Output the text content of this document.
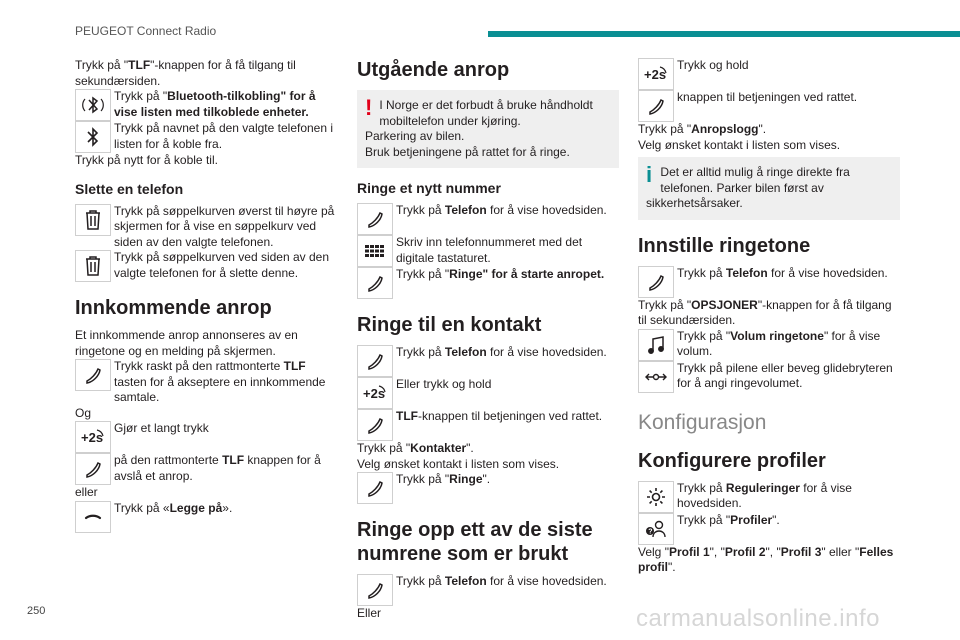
PEUGEOT Connect Radio

Trykk på "TLF"-knappen for å få tilgang til sekundærsiden.

Trykk på "Bluetooth-tilkobling" for å vise listen med tilkoblede enheter.
Trykk på navnet på den valgte telefonen i listen for å koble fra.

Trykk på nytt for å koble til.

Slette en telefon
Trykk på søppelkurven øverst til høyre på skjermen for å vise en søppelkurv ved siden av den valgte telefonen.
Trykk på søppelkurven ved siden av den valgte telefonen for å slette denne.
Innkommende anrop

Et innkommende anrop annonseres av en ringetone og en melding på skjermen.

Trykk raskt på den rattmonterte TLF tasten for å akseptere en innkommende samtale.

Og

+2s
Gjør et langt trykk
på den rattmonterte TLF knappen for å avslå et anrop.

eller

Trykk på «Legge på».
Utgående anrop
! I Norge er det forbudt å bruke håndholdt mobiltelefon under kjøring.

Parkering av bilen.

Bruk betjeningene på rattet for å ringe.

Ringe et nytt nummer
Trykk på Telefon for å vise hovedsiden.
Skriv inn telefonnummeret med det digitale tastaturet.
Trykk på "Ringe" for å starte anropet.
Ringe til en kontakt
Trykk på Telefon for å vise hovedsiden.
+2s
Eller trykk og hold
TLF-knappen til betjeningen ved rattet.

Trykk på "Kontakter".

Velg ønsket kontakt i listen som vises.

Trykk på "Ringe".
Ringe opp ett av de siste numrene som er brukt
Trykk på Telefon for å vise hovedsiden.

Eller

+2s
Trykk og hold
knappen til betjeningen ved rattet.

Trykk på "Anropslogg".

Velg ønsket kontakt i listen som vises.

i Det er alltid mulig å ringe direkte fra telefonen. Parker bilen først av

sikkerhetsårsaker.

Innstille ringetone
Trykk på Telefon for å vise hovedsiden.

Trykk på "OPSJONER"-knappen for å få tilgang til sekundærsiden.

Trykk på "Volum ringetone" for å vise volum.
Trykk på pilene eller beveg glidebryteren for å angi ringevolumet.
Konfigurasjon
Konfigurere profiler
Trykk på Reguleringer for å vise hovedsiden.
?
Trykk på "Profiler".

Velg "Profil 1", "Profil 2", "Profil 3" eller "Felles profil".

250	carmanualsonline.info
